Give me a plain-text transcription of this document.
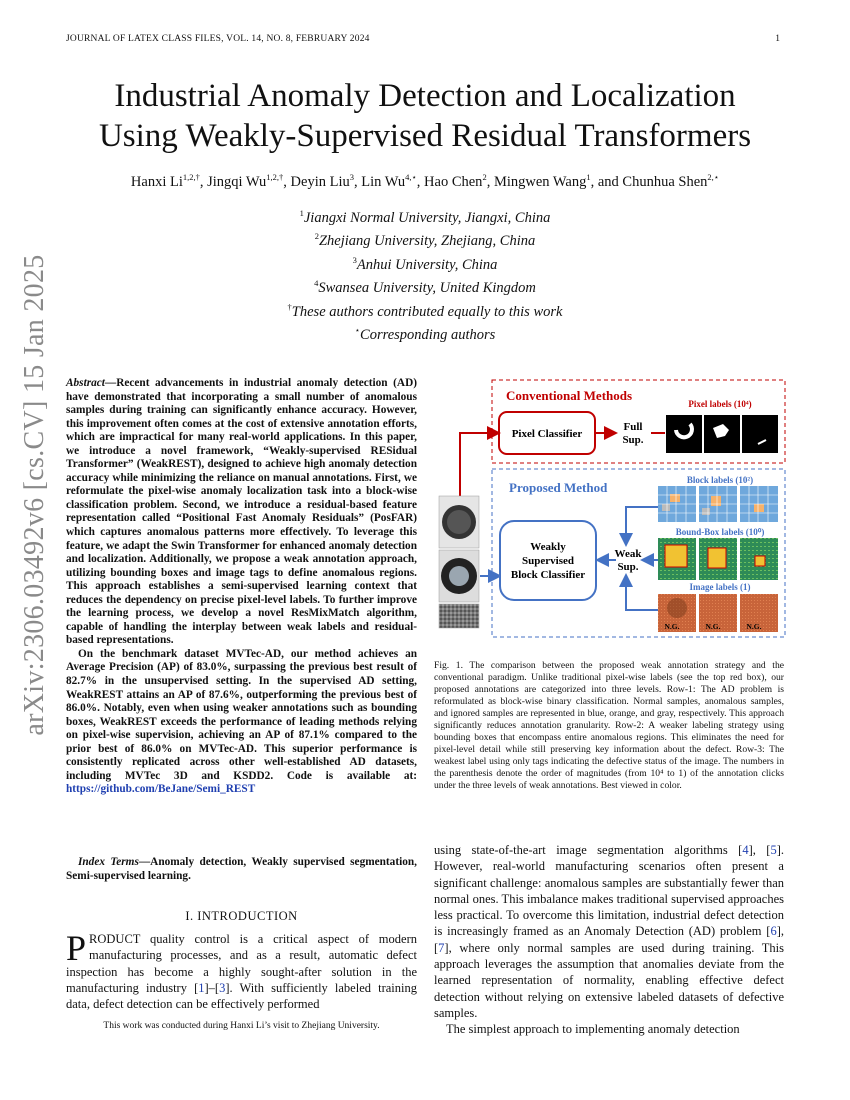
JOURNAL OF LATEX CLASS FILES, VOL. 14, NO. 8, FEBRUARY 2024	1
arXiv:2306.03492v6 [cs.CV] 15 Jan 2025
Industrial Anomaly Detection and Localization
Using Weakly-Supervised Residual Transformers
Hanxi $Li^{1,2,\dagger}$, Jingqi $Wu^{1,2,\dagger}$, Deyin Liu$^3$, Lin $Wu^{4,⋆}$, Hao Chen$^2$, Mingwen Wang$^1$, and Chunhua Shen$^{2,⋆}$
$^1$Jiangxi Normal University, Jiangxi, China
$^2$Zhejiang University, Zhejiang, China
$^3$Anhui University, China
$^4$Swansea University, United Kingdom
†These authors contributed equally to this work
⋆Corresponding authors

Abstract—Recent advancements in industrial anomaly detection (AD) have demonstrated that incorporating a small number of anomalous samples during training can significantly enhance accuracy. However, this improvement often comes at the cost of extensive annotation efforts, which are impractical for many real-world applications. In this paper, we introduce a novel framework, “Weakly-supervised RESidual Transformer” (WeakREST), designed to achieve high anomaly detection accuracy while minimizing the reliance on manual annotations. First, we reformulate the pixel-wise anomaly localization task into a block-wise classification problem. Second, we introduce a residual-based feature representation called “Positional Fast Anomaly Residuals” (PosFAR) which captures anomalous patterns more effectively. To leverage this feature, we adapt the Swin Transformer for enhanced anomaly detection and localization. Additionally, we propose a weak annotation approach, utilizing bounding boxes and image tags to define anomalous regions. This approach establishes a semi-supervised learning context that reduces the dependency on precise pixel-level labels. To further improve the learning process, we develop a novel ResMixMatch algorithm, capable of handling the interplay between weak labels and residual-based representations.

On the benchmark dataset MVTec-AD, our method achieves an Average Precision (AP) of 83.0%, surpassing the previous best result of 82.7% in the unsupervised setting. In the supervised AD setting, WeakREST attains an AP of 87.6%, outperforming the previous best of 86.0%. Notably, even when using weaker annotations such as bounding boxes, WeakREST exceeds the performance of leading methods relying on pixel-wise supervision, achieving an AP of 87.1% compared to the prior best of 86.0% on MVTec-AD. This superior performance is consistently replicated across other well-established AD datasets, including MVTec 3D and KSDD2. Code is available at: https://github.com/BeJane/Semi_REST

Index Terms—Anomaly detection, Weakly supervised segmentation, Semi-supervised learning.
I. INTRODUCTION
PRODUCT quality control is a critical aspect of modern manufacturing processes, and as a result, automatic defect inspection has become a highly sought-after solution in the manufacturing industry [1]–[3]. With sufficiently labeled training data, defect detection can be effectively performed
This work was conducted during Hanxi Li’s visit to Zhejiang University.
Conventional Methods
Pixel Classifier
Full
Sup.
Pixel labels (10⁴)
Proposed Method
Weakly
Supervised
Block Classifier
Weak
Sup.
Block labels (10²)
Bound-Box labels (10⁰)
Image labels (1)
N.G.	N.G.	N.G.
Fig. 1. The comparison between the proposed weak annotation strategy and the conventional paradigm. Unlike traditional pixel-wise labels (see the top red box), our proposed annotations are categorized into three levels. Row-1: The AD problem is reformulated as block-wise binary classification. Normal samples, anomalous samples, and ignored samples are represented in blue, orange, and gray, respectively. This approach significantly reduces annotation granularity. Row-2: A weaker labeling strategy using bounding boxes that encompass entire anomalous regions. This eliminates the need for pixel-level detail while still preserving key information about the defect. Row-3: The weakest label using only tags indicating the defective status of the image. The numbers in the parenthesis denote the order of magnitudes (from 10⁴ to 1) of the annotation clicks under the three levels of weak annotations. Best viewed in color.

using state-of-the-art image segmentation algorithms [4], [5]. However, real-world manufacturing scenarios often present a significant challenge: anomalous samples are substantially fewer than normal ones. This imbalance makes traditional supervised approaches less practical. To overcome this limitation, industrial defect detection is increasingly framed as an Anomaly Detection (AD) problem [6], [7], where only normal samples are used during training. This approach leverages the assumption that anomalies deviate from the learned representation of normality, enabling effective defect detection without relying on extensive labeled datasets of defective samples.

The simplest approach to implementing anomaly detection
